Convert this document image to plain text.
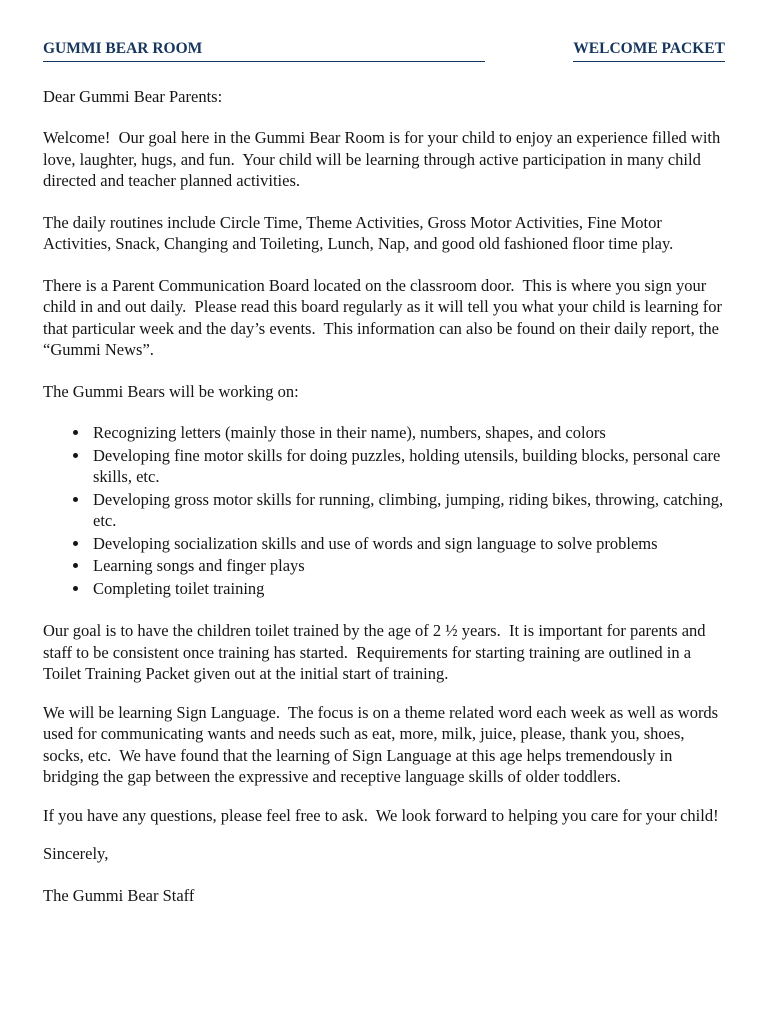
GUMMI BEAR ROOM	WELCOME PACKET

Dear Gummi Bear Parents:

Welcome!  Our goal here in the Gummi Bear Room is for your child to enjoy an experience filled with love, laughter, hugs, and fun.  Your child will be learning through active participation in many child directed and teacher planned activities.

The daily routines include Circle Time, Theme Activities, Gross Motor Activities, Fine Motor Activities, Snack, Changing and Toileting, Lunch, Nap, and good old fashioned floor time play.

There is a Parent Communication Board located on the classroom door.  This is where you sign your child in and out daily.  Please read this board regularly as it will tell you what your child is learning for that particular week and the day’s events.  This information can also be found on their daily report, the “Gummi News”.

The Gummi Bears will be working on:

• Recognizing letters (mainly those in their name), numbers, shapes, and colors
• Developing fine motor skills for doing puzzles, holding utensils, building blocks, personal care skills, etc.
• Developing gross motor skills for running, climbing, jumping, riding bikes, throwing, catching, etc.
• Developing socialization skills and use of words and sign language to solve problems
• Learning songs and finger plays
• Completing toilet training

Our goal is to have the children toilet trained by the age of 2 ½ years.  It is important for parents and staff to be consistent once training has started.  Requirements for starting training are outlined in a Toilet Training Packet given out at the initial start of training.

We will be learning Sign Language.  The focus is on a theme related word each week as well as words used for communicating wants and needs such as eat, more, milk, juice, please, thank you, shoes, socks, etc.  We have found that the learning of Sign Language at this age helps tremendously in bridging the gap between the expressive and receptive language skills of older toddlers.

If you have any questions, please feel free to ask.  We look forward to helping you care for your child!

Sincerely,

The Gummi Bear Staff
